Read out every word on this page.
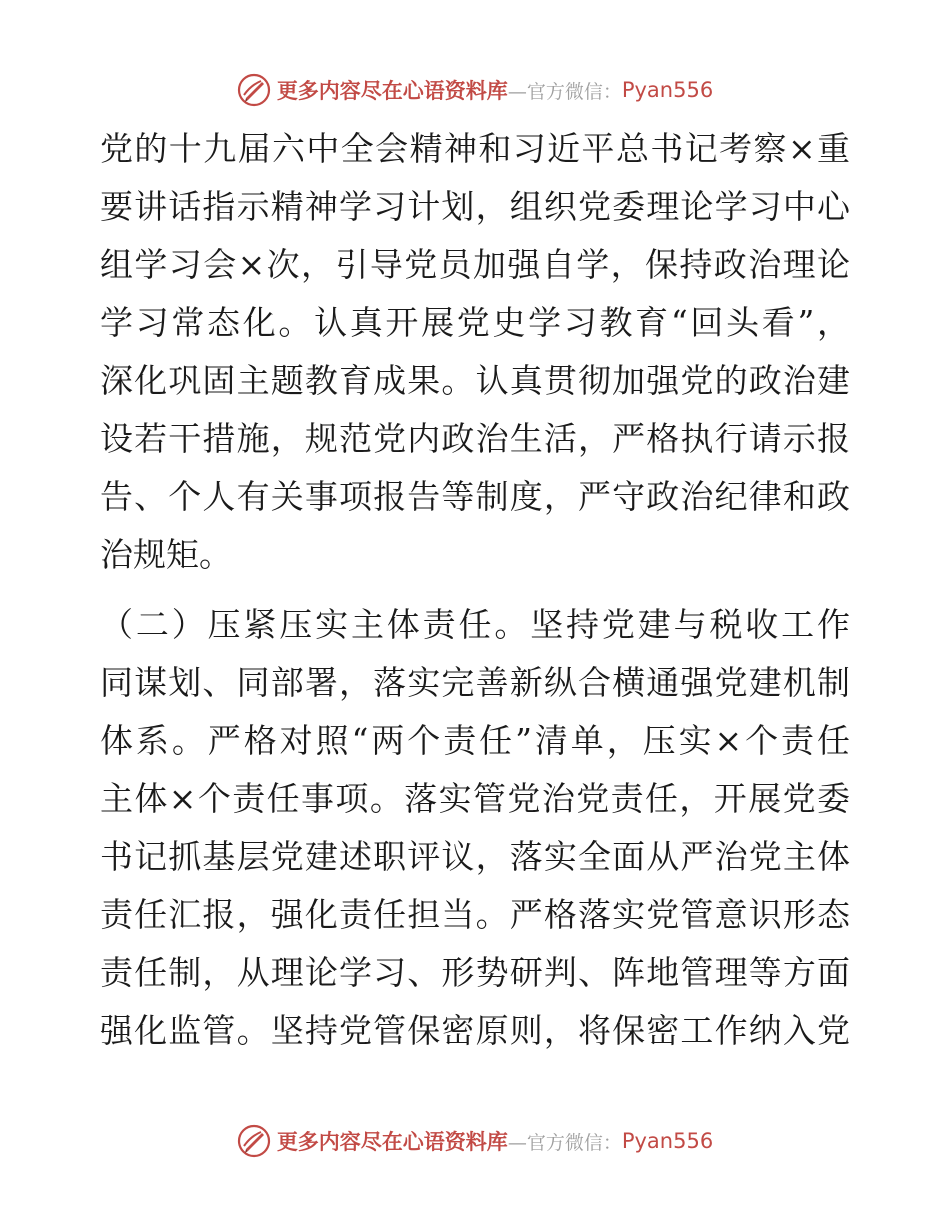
更多内容尽在心语资料库 —官方微信： Pyan556
党的十九届六中全会精神和习近平总书记考察×重
要讲话指示精神学习计划，组织党委理论学习中心
组学习会×次，引导党员加强自学，保持政治理论
学习常态化。认真开展党史学习教育“回头看”，
深化巩固主题教育成果。认真贯彻加强党的政治建
设若干措施，规范党内政治生活，严格执行请示报
告、个人有关事项报告等制度，严守政治纪律和政
治规矩。
（二）压紧压实主体责任。坚持党建与税收工作
同谋划、同部署，落实完善新纵合横通强党建机制
体系。严格对照“两个责任”清单，压实×个责任
主体×个责任事项。落实管党治党责任，开展党委
书记抓基层党建述职评议，落实全面从严治党主体
责任汇报，强化责任担当。严格落实党管意识形态
责任制，从理论学习、形势研判、阵地管理等方面
强化监管。坚持党管保密原则，将保密工作纳入党
更多内容尽在心语资料库 —官方微信： Pyan556
